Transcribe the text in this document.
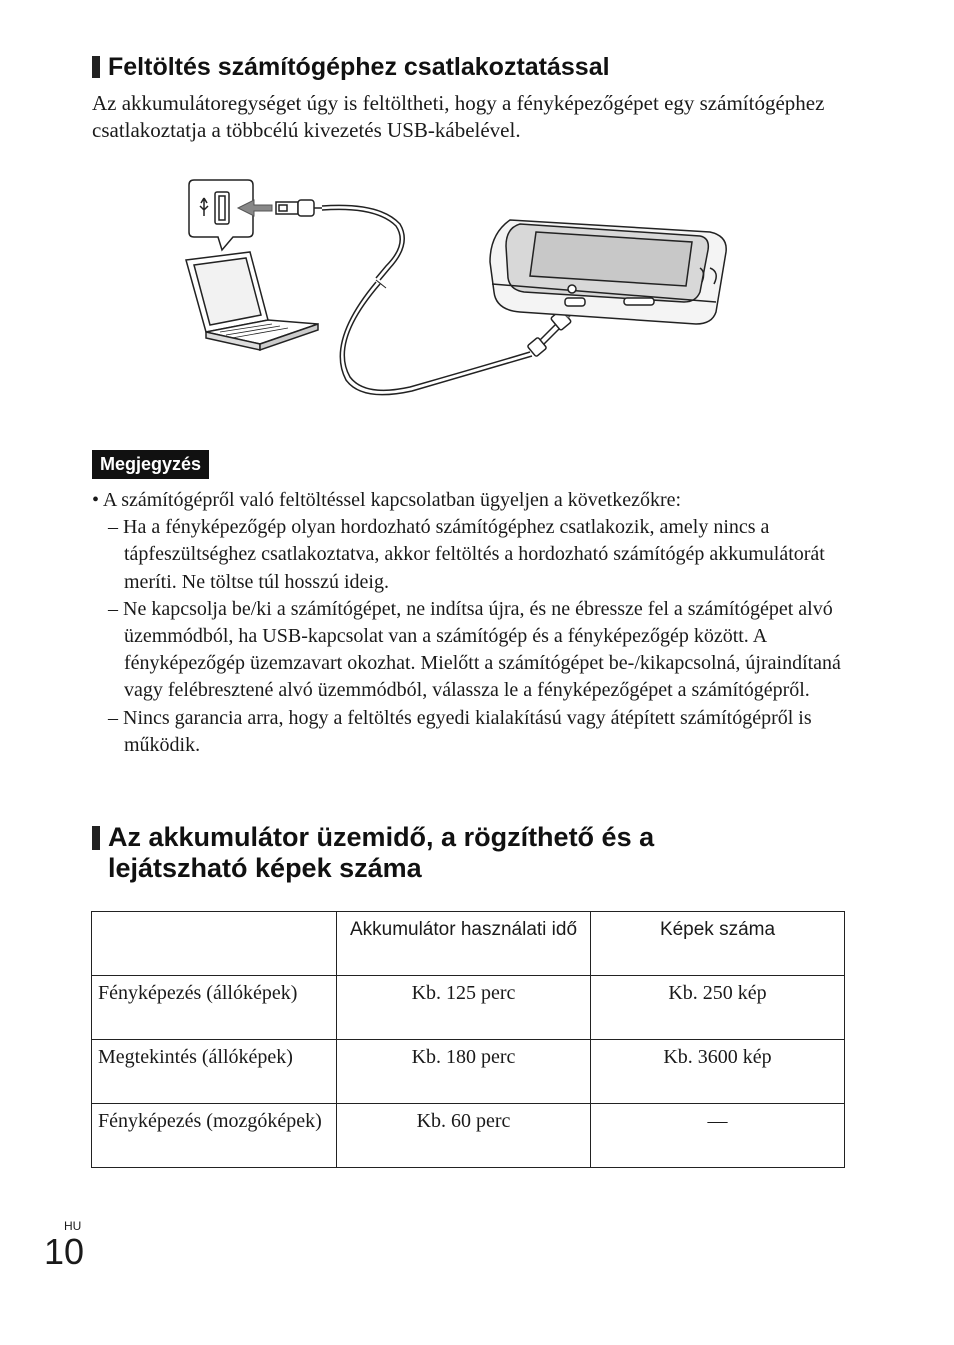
Feltöltés számítógéphez csatlakoztatással
Az akkumulátoregységet úgy is feltöltheti, hogy a fényképezőgépet egy számítógéphez csatlakoztatja a többcélú kivezetés USB-kábelével.
Megjegyzés
• A számítógépről való feltöltéssel kapcsolatban ügyeljen a következőkre:
– Ha a fényképezőgép olyan hordozható számítógéphez csatlakozik, amely nincs a tápfeszültséghez csatlakoztatva, akkor feltöltés a hordozható számítógép akkumulátorát meríti. Ne töltse túl hosszú ideig.
– Ne kapcsolja be/ki a számítógépet, ne indítsa újra, és ne ébressze fel a számítógépet alvó üzemmódból, ha USB-kapcsolat van a számítógép és a fényképezőgép között. A fényképezőgép üzemzavart okozhat. Mielőtt a számítógépet be-/kikapcsolná, újraindítaná vagy felébresztené alvó üzemmódból, válassza le a fényképezőgépet a számítógépről.
– Nincs garancia arra, hogy a feltöltés egyedi kialakítású vagy átépített számítógépről is működik.
Az akkumulátor üzemidő, a rögzíthető és a
lejátszható képek száma
	Akkumulátor használati idő	Képek száma
Fényképezés (állóképek)	Kb. 125 perc	Kb. 250 kép
Megtekintés (állóképek)	Kb. 180 perc	Kb. 3600 kép
Fényképezés (mozgóképek)	Kb. 60 perc	—
HU
10
